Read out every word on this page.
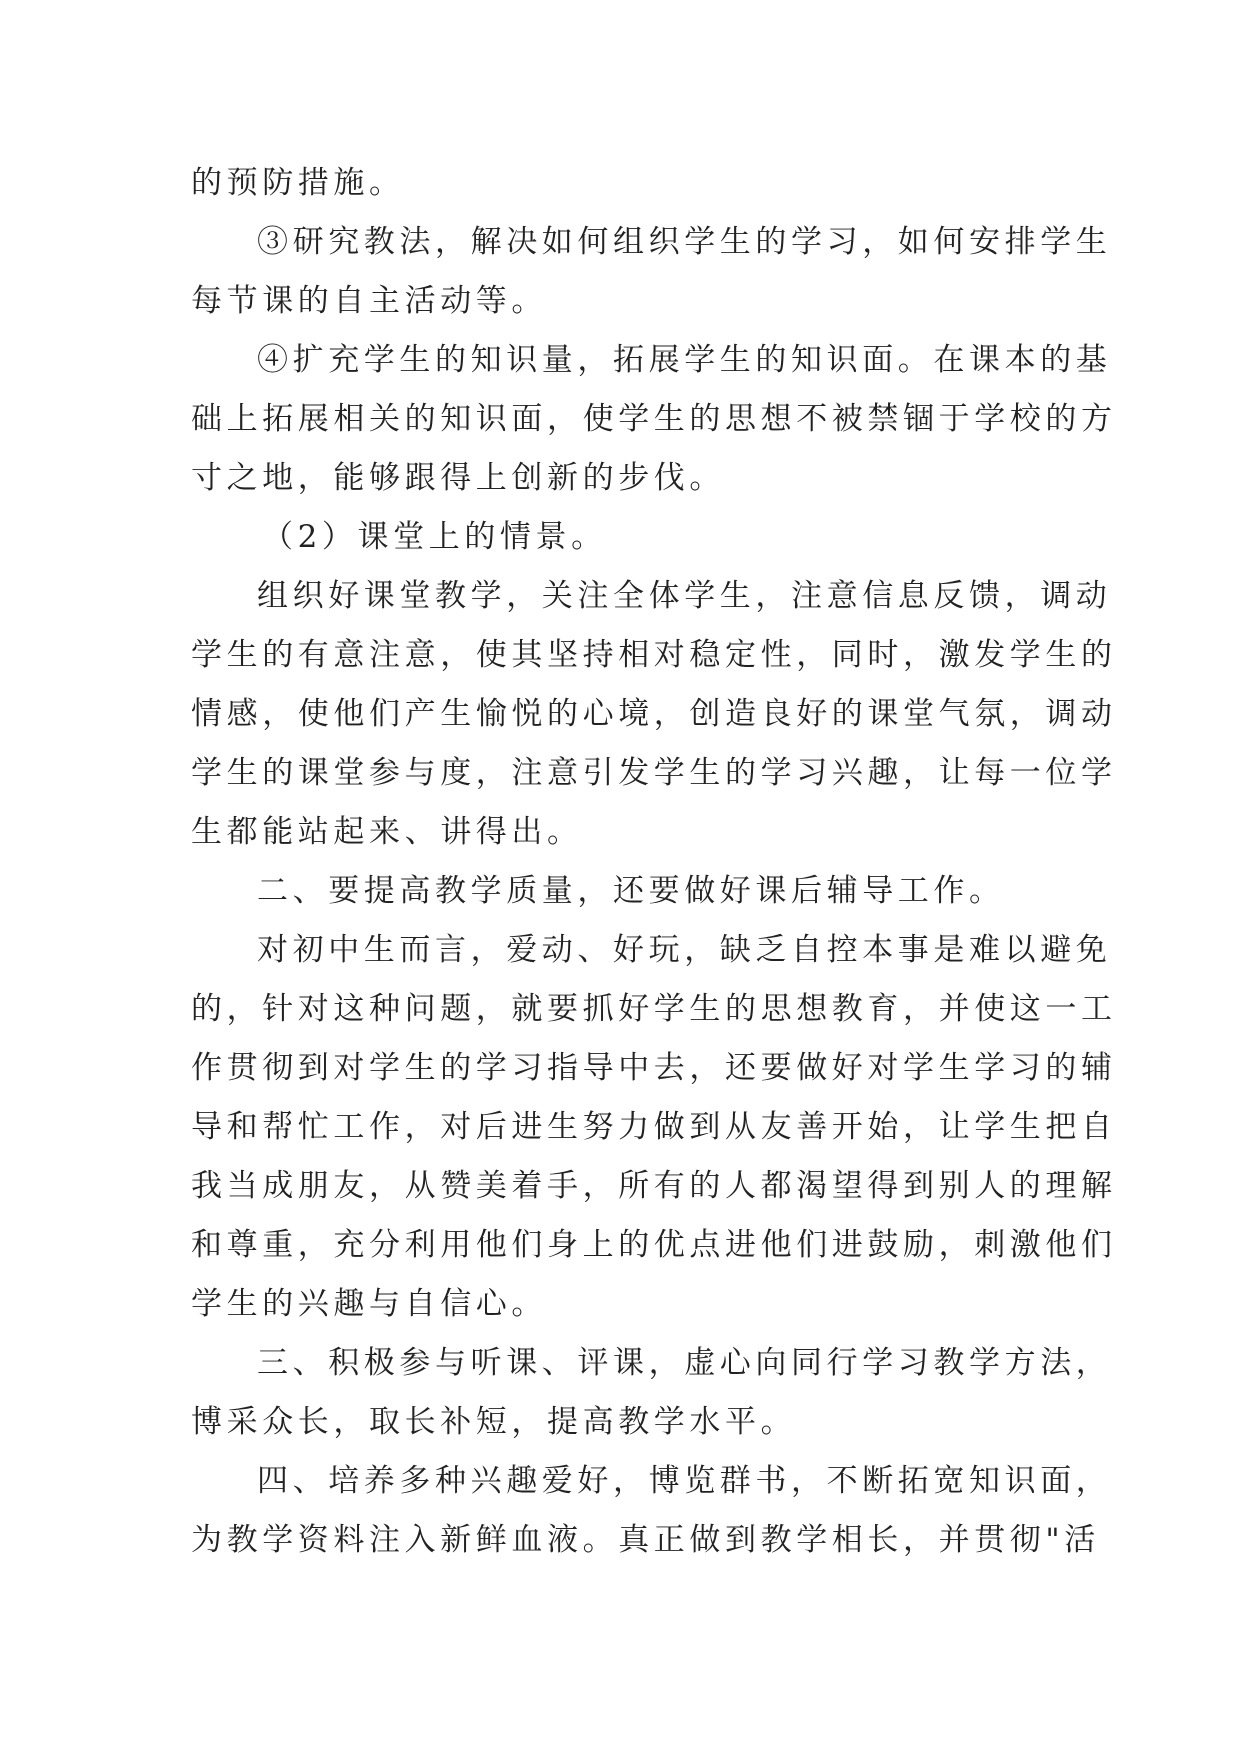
的预防措施。
③研究教法，解决如何组织学生的学习，如何安排学生
每节课的自主活动等。
④扩充学生的知识量，拓展学生的知识面。在课本的基
础上拓展相关的知识面，使学生的思想不被禁锢于学校的方
寸之地，能够跟得上创新的步伐。
（2）课堂上的情景。
组织好课堂教学，关注全体学生，注意信息反馈，调动
学生的有意注意，使其坚持相对稳定性，同时，激发学生的
情感，使他们产生愉悦的心境，创造良好的课堂气氛，调动
学生的课堂参与度，注意引发学生的学习兴趣，让每一位学
生都能站起来、讲得出。
二、要提高教学质量，还要做好课后辅导工作。
对初中生而言，爱动、好玩，缺乏自控本事是难以避免
的，针对这种问题，就要抓好学生的思想教育，并使这一工
作贯彻到对学生的学习指导中去，还要做好对学生学习的辅
导和帮忙工作，对后进生努力做到从友善开始，让学生把自
我当成朋友，从赞美着手，所有的人都渴望得到别人的理解
和尊重，充分利用他们身上的优点进他们进鼓励，刺激他们
学生的兴趣与自信心。
三、积极参与听课、评课，虚心向同行学习教学方法，
博采众长，取长补短，提高教学水平。
四、培养多种兴趣爱好，博览群书，不断拓宽知识面，
为教学资料注入新鲜血液。真正做到教学相长，并贯彻"活
